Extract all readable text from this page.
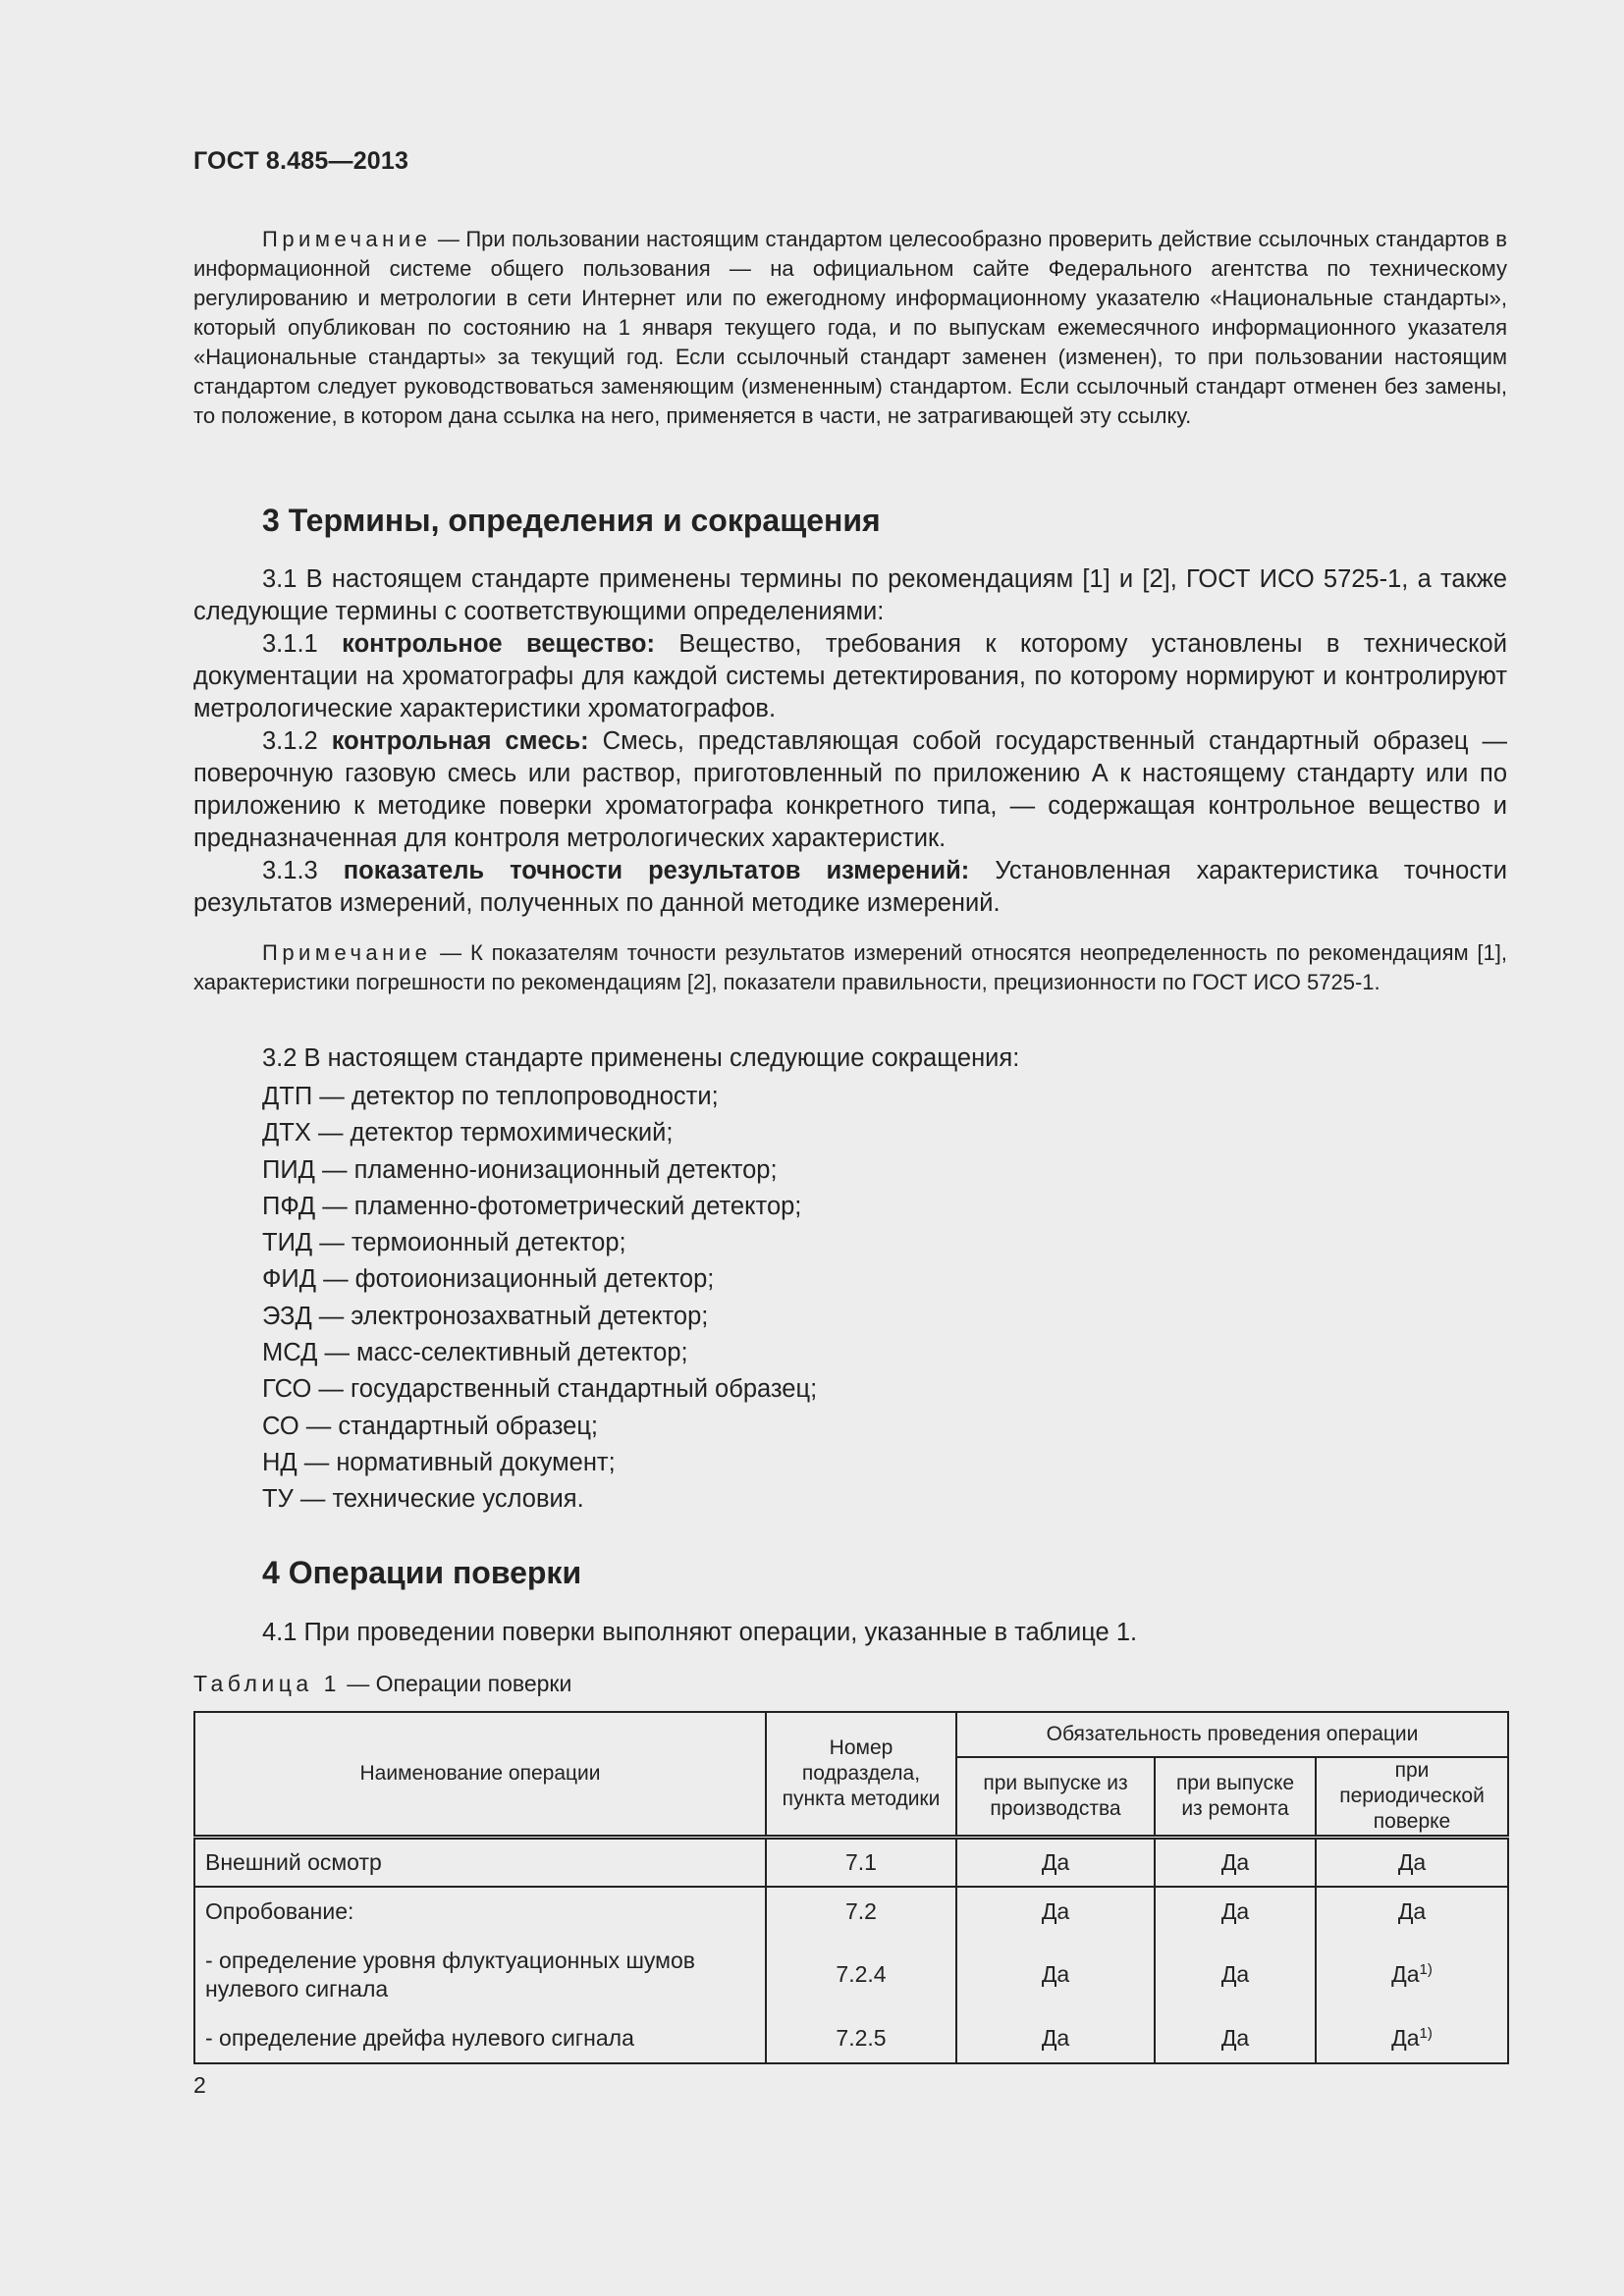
ГОСТ 8.485—2013

Примечание — При пользовании настоящим стандартом целесообразно проверить действие ссылочных стандартов в информационной системе общего пользования — на официальном сайте Федерального агентства по техническому регулированию и метрологии в сети Интернет или по ежегодному информационному указателю «Национальные стандарты», который опубликован по состоянию на 1 января текущего года, и по выпускам ежемесячного информационного указателя «Национальные стандарты» за текущий год. Если ссылочный стандарт заменен (изменен), то при пользовании настоящим стандартом следует руководствоваться заменяющим (измененным) стандартом. Если ссылочный стандарт отменен без замены, то положение, в котором дана ссылка на него, применяется в части, не затрагивающей эту ссылку.

3 Термины, определения и сокращения

3.1 В настоящем стандарте применены термины по рекомендациям [1] и [2], ГОСТ ИСО 5725-1, а также следующие термины с соответствующими определениями:

3.1.1 контрольное вещество: Вещество, требования к которому установлены в технической документации на хроматографы для каждой системы детектирования, по которому нормируют и контролируют метрологические характеристики хроматографов.

3.1.2 контрольная смесь: Смесь, представляющая собой государственный стандартный образец — поверочную газовую смесь или раствор, приготовленный по приложению А к настоящему стандарту или по приложению к методике поверки хроматографа конкретного типа, — содержащая контрольное вещество и предназначенная для контроля метрологических характеристик.

3.1.3 показатель точности результатов измерений: Установленная характеристика точности результатов измерений, полученных по данной методике измерений.

Примечание — К показателям точности результатов измерений относятся неопределенность по рекомендациям [1], характеристики погрешности по рекомендациям [2], показатели правильности, прецизионности по ГОСТ ИСО 5725-1.

3.2 В настоящем стандарте применены следующие сокращения:

ДТП — детектор по теплопроводности;
ДТХ — детектор термохимический;
ПИД — пламенно-ионизационный детектор;
ПФД — пламенно-фотометрический детектор;
ТИД — термоионный детектор;
ФИД — фотоионизационный детектор;
ЭЗД — электронозахватный детектор;
МСД — масс-селективный детектор;
ГСО — государственный стандартный образец;
СО — стандартный образец;
НД — нормативный документ;
ТУ — технические условия.
4 Операции поверки

4.1 При проведении поверки выполняют операции, указанные в таблице 1.

Таблица 1 — Операции поверки
Наименование операции	Номер подраздела, пункта методики	Обязательность проведения операции		
		при выпуске из производства	при выпуске из ремонта	при периодической поверке
Внешний осмотр	7.1	Да	Да	Да
Опробование:	7.2	Да	Да	Да
- определение уровня флуктуационных шумов нулевого сигнала	7.2.4	Да	Да	$Да^{1)}$
- определение дрейфа нулевого сигнала	7.2.5	Да	Да	$Да^{1)}$
2
